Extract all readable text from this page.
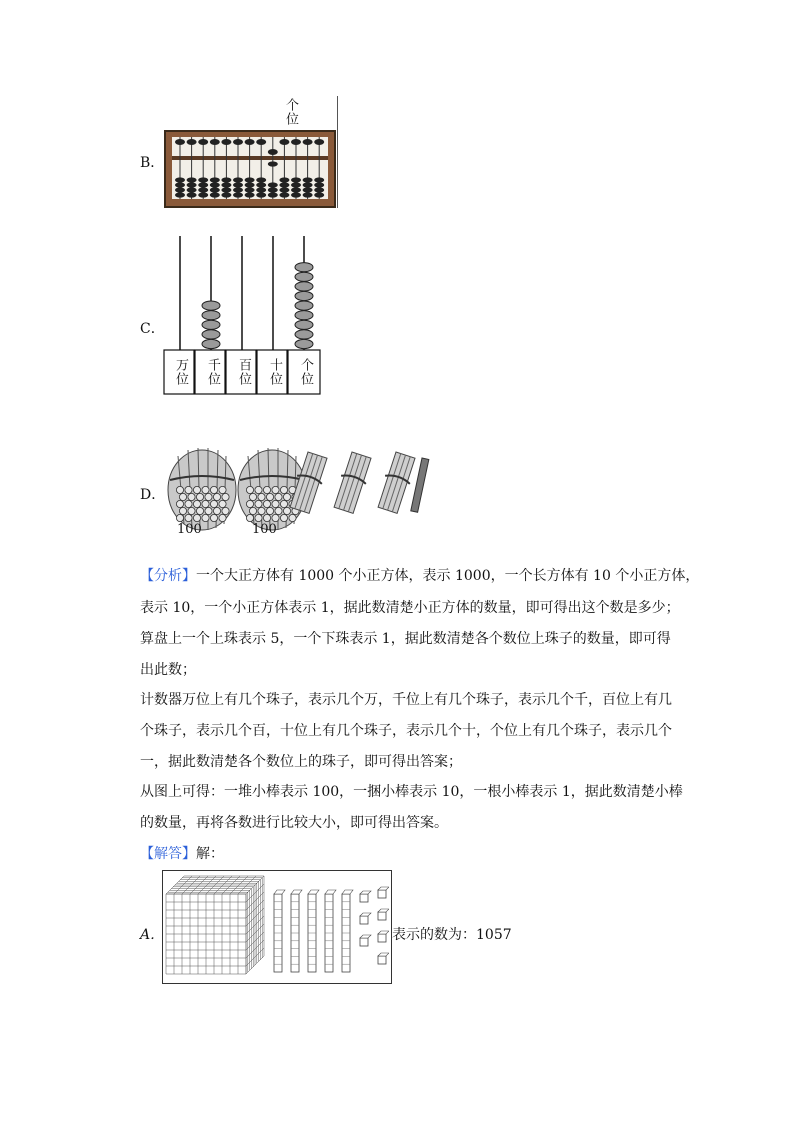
B．
个位
C．
万位 千位 百位 十位 个位
D．
100	100
【分析】一个大正方体有 1000 个小正方体，表示 1000，一个长方体有 10 个小正方体，
表示 10，一个小正方体表示 1，据此数清楚小正方体的数量，即可得出这个数是多少；
算盘上一个上珠表示 5，一个下珠表示 1，据此数清楚各个数位上珠子的数量，即可得
出此数；
计数器万位上有几个珠子，表示几个万，千位上有几个珠子，表示几个千，百位上有几
个珠子，表示几个百，十位上有几个珠子，表示几个十，个位上有几个珠子，表示几个
一，据此数清楚各个数位上的珠子，即可得出答案；
从图上可得：一堆小棒表示 100，一捆小棒表示 10，一根小棒表示 1，据此数清楚小棒
的数量，再将各数进行比较大小，即可得出答案。
【解答】解：
A．	表示的数为：1057
